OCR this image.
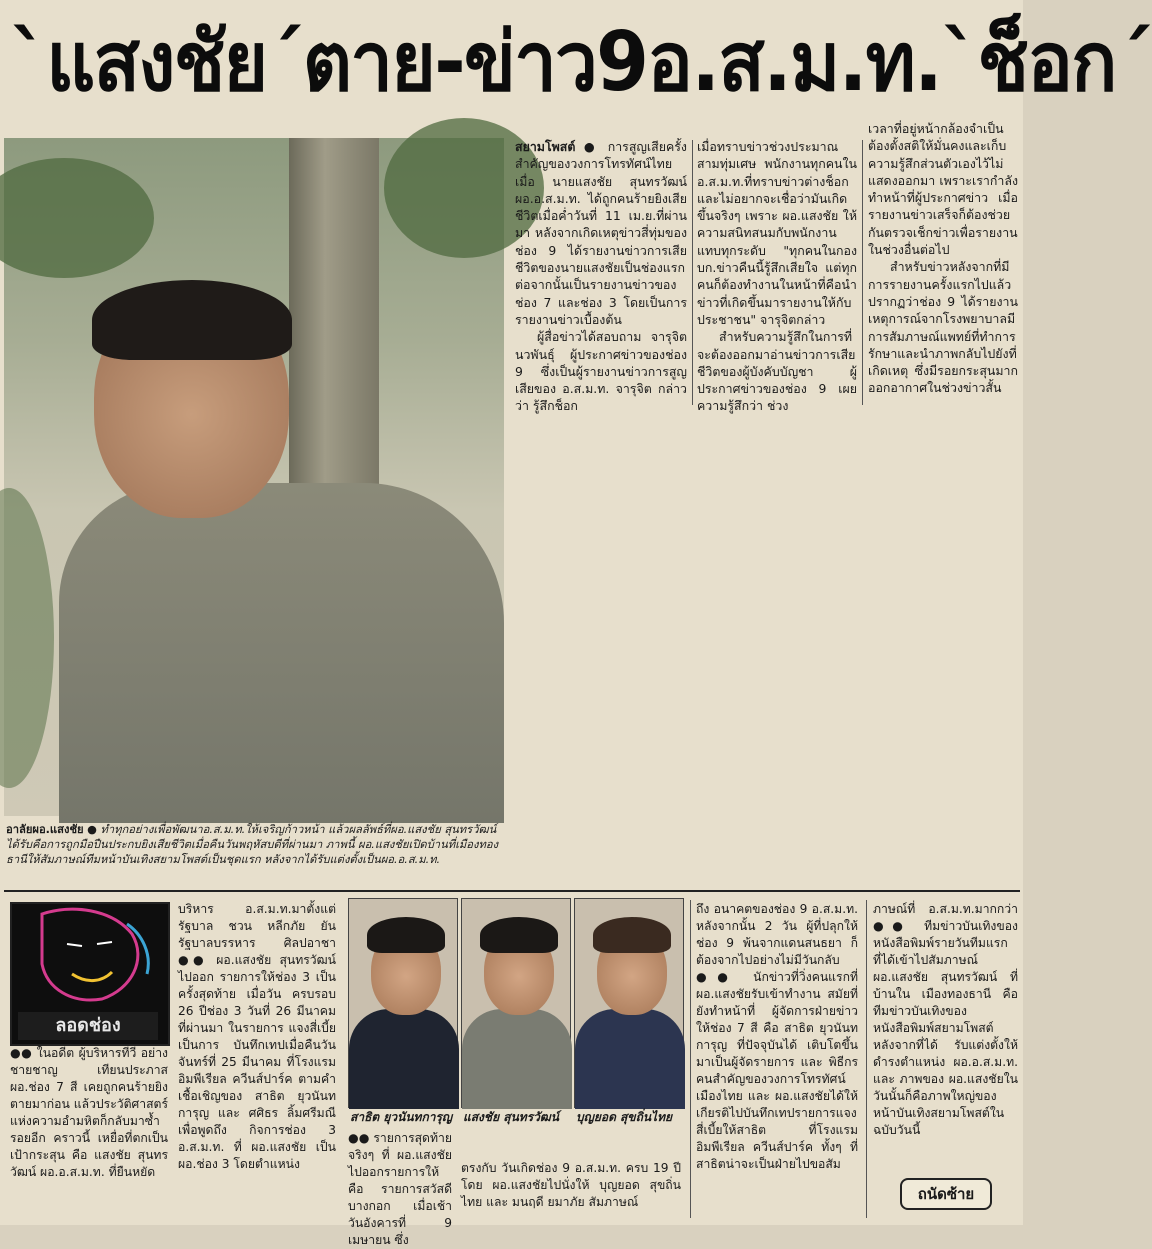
`แสงชัย´ตาย-ข่าว9อ.ส.ม.ท.`ช็อก´
อาลัยผอ.แสงชัย ● ทำทุกอย่างเพื่อพัฒนาอ.ส.ม.ท.ให้เจริญก้าวหน้า แล้วผลลัพธ์ที่ผอ.แสงชัย สุนทรวัฒน์ได้รับคือการถูกมือปืนประกบยิงเสียชีวิตเมื่อคืนวันพฤหัสบดีที่ผ่านมา ภาพนี้ ผอ.แสงชัยเปิดบ้านที่เมืองทองธานีให้สัมภาษณ์ทีมหน้าบันเทิงสยามโพสต์เป็นชุดแรก หลังจากได้รับแต่งตั้งเป็นผอ.อ.ส.ม.ท.

สยามโพสต์ ● การสูญเสียครั้งสำคัญของวงการโทรทัศน์ไทย เมื่อ นายแสงชัย สุนทรวัฒน์ ผอ.อ.ส.ม.ท. ได้ถูกคนร้ายยิงเสียชีวิตเมื่อค่ำวันที่ 11 เม.ย.ที่ผ่านมา หลังจากเกิดเหตุข่าวสี่ทุ่มของช่อง 9 ได้รายงานข่าวการเสียชีวิตของนายแสงชัยเป็นช่องแรก ต่อจากนั้นเป็นรายงานข่าวของช่อง 7 และช่อง 3 โดยเป็นการรายงานข่าวเบื้องต้น

ผู้สื่อข่าวได้สอบถาม จารุจิต นวพันธุ์ ผู้ประกาศข่าวของช่อง 9 ซึ่งเป็นผู้รายงานข่าวการสูญเสียของ อ.ส.ม.ท. จารุจิต กล่าวว่า รู้สึกช็อก

เมื่อทราบข่าวช่วงประมาณสามทุ่มเศษ พนักงานทุกคนใน อ.ส.ม.ท.ที่ทราบข่าวต่างช็อกและไม่อยากจะเชื่อว่ามันเกิดขึ้นจริงๆ เพราะ ผอ.แสงชัย ให้ความสนิทสนมกับพนักงานแทบทุกระดับ "ทุกคนในกอง บก.ข่าวคืนนี้รู้สึกเสียใจ แต่ทุกคนก็ต้องทำงานในหน้าที่คือนำข่าวที่เกิดขึ้นมารายงานให้กับประชาชน" จารุจิตกล่าว

สำหรับความรู้สึกในการที่จะต้องออกมาอ่านข่าวการเสียชีวิตของผู้บังคับบัญชา ผู้ประกาศข่าวของช่อง 9 เผยความรู้สึกว่า ช่วง

เวลาที่อยู่หน้ากล้องจำเป็นต้องตั้งสติให้มั่นคงและเก็บความรู้สึกส่วนตัวเองไว้ไม่แสดงออกมา เพราะเรากำลังทำหน้าที่ผู้ประกาศข่าว เมื่อรายงานข่าวเสร็จก็ต้องช่วยกันตรวจเช็กข่าวเพื่อรายงานในช่วงอื่นต่อไป

สำหรับข่าวหลังจากที่มีการรายงานครั้งแรกไปแล้วปรากฏว่าช่อง 9 ได้รายงานเหตุการณ์จากโรงพยาบาลมีการสัมภาษณ์แพทย์ที่ทำการรักษาและนำภาพกลับไปยังที่เกิดเหตุ ซึ่งมีรอยกระสุนมากออกอากาศในช่วงข่าวสั้น

ลอดช่อง

●● ในอดีต ผู้บริหารทีวี อย่าง ชายชาญ เทียนประภาส ผอ.ช่อง 7 สี เคยถูกคนร้ายยิงตายมาก่อน แล้วประวัติศาสตร์แห่งความอำมหิตก็กลับมาซ้ำรอยอีก คราวนี้ เหยื่อที่ตกเป็นเป้ากระสุน คือ แสงชัย สุนทรวัฒน์ ผอ.อ.ส.ม.ท. ที่ยืนหยัด

บริหาร อ.ส.ม.ท.มาตั้งแต่รัฐบาล ชวน หลีกภัย ยัน รัฐบาลบรรหาร ศิลปอาชา ●● ผอ.แสงชัย สุนทรวัฒน์ ไปออก รายการให้ช่อง 3 เป็นครั้งสุดท้าย เมื่อวัน ครบรอบ 26 ปีช่อง 3 วันที่ 26 มีนาคมที่ผ่านมา ในรายการ แจงสี่เบี้ย เป็นการ บันทึกเทปเมื่อคืนวันจันทร์ที่ 25 มีนาคม ที่โรงแรมอิมพีเรียล ควีนส์ปาร์ค ตามคำเชื้อเชิญของ สาธิต ยุวนันทการุญ และ ศศิธร ลิ้มศรีมณี เพื่อพูดถึง กิจการช่อง 3 อ.ส.ม.ท. ที่ ผอ.แสงชัย เป็น ผอ.ช่อง 3 โดยตำแหน่ง

สาธิต ยุวนันทการุญ แสงชัย สุนทรวัฒน์ บุญยอด สุขถิ่นไทย

●● รายการสุดท้ายจริงๆ ที่ ผอ.แสงชัยไปออกรายการให้ คือ รายการสวัสดีบางกอก เมื่อเช้า วันอังคารที่ 9 เมษายน ซึ่ง

ตรงกับ วันเกิดช่อง 9 อ.ส.ม.ท. ครบ 19 ปี โดย ผอ.แสงชัยไปนั่งให้ บุญยอด สุขถิ่นไทย และ มนฤดี ยมาภัย สัมภาษณ์

ถึง อนาคตของช่อง 9 อ.ส.ม.ท. หลังจากนั้น 2 วัน ผู้ที่ปลุกให้ช่อง 9 พ้นจากแดนสนธยา ก็ต้องจากไปอย่างไม่มีวันกลับ ●● นักข่าวที่วิ่งคนแรกที่ ผอ.แสงชัยรับเข้าทำงาน สมัยที่ยังทำหน้าที่ ผู้จัดการฝ่ายข่าวให้ช่อง 7 สี คือ สาธิต ยุวนันทการุญ ที่ปัจจุบันได้ เติบโตขึ้นมาเป็นผู้จัดรายการ และ พิธีกรคนสำคัญของวงการโทรทัศน์เมืองไทย และ ผอ.แสงชัยได้ให้เกียรติไปบันทึกเทปรายการแจงสี่เบี้ยให้สาธิต ที่โรงแรมอิมพีเรียล ควีนส์ปาร์ค ทั้งๆ ที่สาธิตน่าจะเป็นฝ่ายไปขอสัม

ภาษณ์ที่ อ.ส.ม.ท.มากกว่า ●● ทีมข่าวบันเทิงของหนังสือพิมพ์รายวันทีมแรก ที่ได้เข้าไปสัมภาษณ์ ผอ.แสงชัย สุนทรวัฒน์ ที่บ้านใน เมืองทองธานี คือทีมข่าวบันเทิงของ หนังสือพิมพ์สยามโพสต์ หลังจากที่ได้ รับแต่งตั้งให้ดำรงตำแหน่ง ผอ.อ.ส.ม.ท. และ ภาพของ ผอ.แสงชัยในวันนั้นก็คือภาพใหญ่ของหน้าบันเทิงสยามโพสต์ในฉบับวันนี้

ถนัดซ้าย
